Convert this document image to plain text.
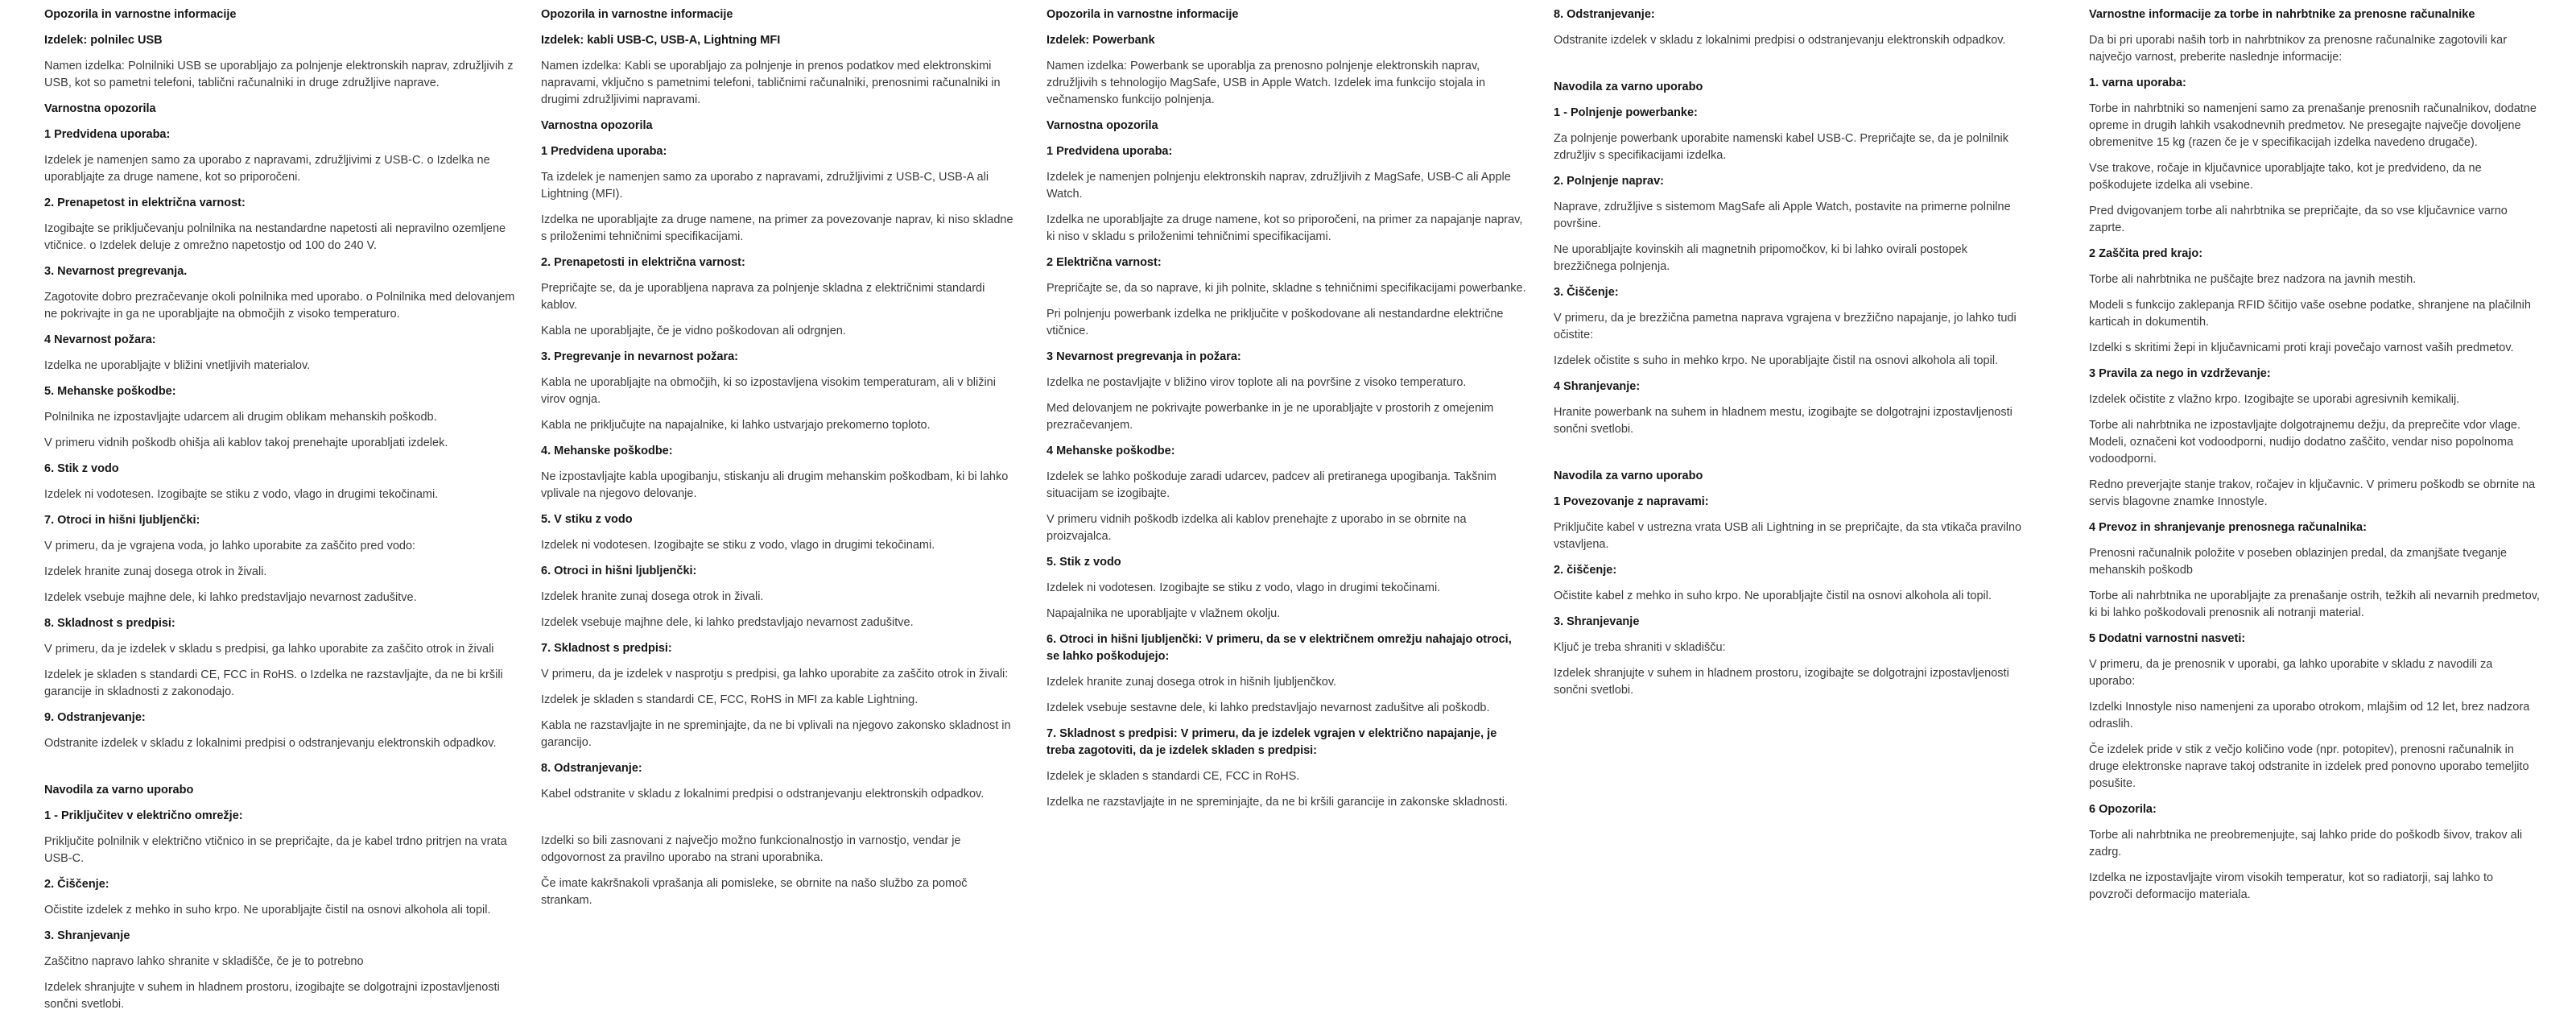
Opozorila in varnostne informacije
Izdelek: polnilec USB
Namen izdelka: Polnilniki USB se uporabljajo za polnjenje elektronskih naprav, združljivih z USB, kot so pametni telefoni, tablični računalniki in druge združljive naprave.
Varnostna opozorila
1 Predvidena uporaba:
Izdelek je namenjen samo za uporabo z napravami, združljivimi z USB-C. o Izdelka ne uporabljajte za druge namene, kot so priporočeni.
2. Prenapetost in električna varnost:
Izogibajte se priključevanju polnilnika na nestandardne napetosti ali nepravilno ozemljene vtičnice. o Izdelek deluje z omrežno napetostjo od 100 do 240 V.
3. Nevarnost pregrevanja.
Zagotovite dobro prezračevanje okoli polnilnika med uporabo. o Polnilnika med delovanjem ne pokrivajte in ga ne uporabljajte na območjih z visoko temperaturo.
4 Nevarnost požara:
Izdelka ne uporabljajte v bližini vnetljivih materialov.
5. Mehanske poškodbe:
Polnilnika ne izpostavljajte udarcem ali drugim oblikam mehanskih poškodb.
V primeru vidnih poškodb ohišja ali kablov takoj prenehajte uporabljati izdelek.
6. Stik z vodo
Izdelek ni vodotesen. Izogibajte se stiku z vodo, vlago in drugimi tekočinami.
7. Otroci in hišni ljubljenčki:
V primeru, da je vgrajena voda, jo lahko uporabite za zaščito pred vodo:
Izdelek hranite zunaj dosega otrok in živali.
Izdelek vsebuje majhne dele, ki lahko predstavljajo nevarnost zadušitve.
8. Skladnost s predpisi:
V primeru, da je izdelek v skladu s predpisi, ga lahko uporabite za zaščito otrok in živali
Izdelek je skladen s standardi CE, FCC in RoHS. o Izdelka ne razstavljajte, da ne bi kršili garancije in skladnosti z zakonodajo.
9. Odstranjevanje:
Odstranite izdelek v skladu z lokalnimi predpisi o odstranjevanju elektronskih odpadkov.
Navodila za varno uporabo
1 - Priključitev v električno omrežje:
Priključite polnilnik v električno vtičnico in se prepričajte, da je kabel trdno pritrjen na vrata USB-C.
2. Čiščenje:
Očistite izdelek z mehko in suho krpo. Ne uporabljajte čistil na osnovi alkohola ali topil.
3. Shranjevanje
Zaščitno napravo lahko shranite v skladišče, če je to potrebno
Izdelek shranjujte v suhem in hladnem prostoru, izogibajte se dolgotrajni izpostavljenosti sončni svetlobi.
Opozorila in varnostne informacije
Izdelek: kabli USB-C, USB-A, Lightning MFI
Namen izdelka: Kabli se uporabljajo za polnjenje in prenos podatkov med elektronskimi napravami, vključno s pametnimi telefoni, tabličnimi računalniki, prenosnimi računalniki in drugimi združljivimi napravami.
Varnostna opozorila
1 Predvidena uporaba:
Ta izdelek je namenjen samo za uporabo z napravami, združljivimi z USB-C, USB-A ali Lightning (MFI).
Izdelka ne uporabljajte za druge namene, na primer za povezovanje naprav, ki niso skladne s priloženimi tehničnimi specifikacijami.
2. Prenapetosti in električna varnost:
Prepričajte se, da je uporabljena naprava za polnjenje skladna z električnimi standardi kablov.
Kabla ne uporabljajte, če je vidno poškodovan ali odrgnjen.
3. Pregrevanje in nevarnost požara:
Kabla ne uporabljajte na območjih, ki so izpostavljena visokim temperaturam, ali v bližini virov ognja.
Kabla ne priključujte na napajalnike, ki lahko ustvarjajo prekomerno toploto.
4. Mehanske poškodbe:
Ne izpostavljajte kabla upogibanju, stiskanju ali drugim mehanskim poškodbam, ki bi lahko vplivale na njegovo delovanje.
5. V stiku z vodo
Izdelek ni vodotesen. Izogibajte se stiku z vodo, vlago in drugimi tekočinami.
6. Otroci in hišni ljubljenčki:
Izdelek hranite zunaj dosega otrok in živali.
Izdelek vsebuje majhne dele, ki lahko predstavljajo nevarnost zadušitve.
7. Skladnost s predpisi:
V primeru, da je izdelek v nasprotju s predpisi, ga lahko uporabite za zaščito otrok in živali:
Izdelek je skladen s standardi CE, FCC, RoHS in MFI za kable Lightning.
Kabla ne razstavljajte in ne spreminjajte, da ne bi vplivali na njegovo zakonsko skladnost in garancijo.
8. Odstranjevanje:
Kabel odstranite v skladu z lokalnimi predpisi o odstranjevanju elektronskih odpadkov.
Izdelki so bili zasnovani z največjo možno funkcionalnostjo in varnostjo, vendar je odgovornost za pravilno uporabo na strani uporabnika.
Če imate kakršnakoli vprašanja ali pomisleke, se obrnite na našo službo za pomoč strankam.
Opozorila in varnostne informacije
Izdelek: Powerbank
Namen izdelka: Powerbank se uporablja za prenosno polnjenje elektronskih naprav, združljivih s tehnologijo MagSafe, USB in Apple Watch. Izdelek ima funkcijo stojala in večnamensko funkcijo polnjenja.
Varnostna opozorila
1 Predvidena uporaba:
Izdelek je namenjen polnjenju elektronskih naprav, združljivih z MagSafe, USB-C ali Apple Watch.
Izdelka ne uporabljajte za druge namene, kot so priporočeni, na primer za napajanje naprav, ki niso v skladu s priloženimi tehničnimi specifikacijami.
2 Električna varnost:
Prepričajte se, da so naprave, ki jih polnite, skladne s tehničnimi specifikacijami powerbanke.
Pri polnjenju powerbank izdelka ne priključite v poškodovane ali nestandardne električne vtičnice.
3 Nevarnost pregrevanja in požara:
Izdelka ne postavljajte v bližino virov toplote ali na površine z visoko temperaturo.
Med delovanjem ne pokrivajte powerbanke in je ne uporabljajte v prostorih z omejenim prezračevanjem.
4 Mehanske poškodbe:
Izdelek se lahko poškoduje zaradi udarcev, padcev ali pretiranega upogibanja. Takšnim situacijam se izogibajte.
V primeru vidnih poškodb izdelka ali kablov prenehajte z uporabo in se obrnite na proizvajalca.
5. Stik z vodo
Izdelek ni vodotesen. Izogibajte se stiku z vodo, vlago in drugimi tekočinami.
Napajalnika ne uporabljajte v vlažnem okolju.
6. Otroci in hišni ljubljenčki: V primeru, da se v električnem omrežju nahajajo otroci, se lahko poškodujejo:
Izdelek hranite zunaj dosega otrok in hišnih ljubljenčkov.
Izdelek vsebuje sestavne dele, ki lahko predstavljajo nevarnost zadušitve ali poškodb.
7. Skladnost s predpisi: V primeru, da je izdelek vgrajen v električno napajanje, je treba zagotoviti, da je izdelek skladen s predpisi:
Izdelek je skladen s standardi CE, FCC in RoHS.
Izdelka ne razstavljajte in ne spreminjajte, da ne bi kršili garancije in zakonske skladnosti.
8. Odstranjevanje:
Odstranite izdelek v skladu z lokalnimi predpisi o odstranjevanju elektronskih odpadkov.
Navodila za varno uporabo
1 - Polnjenje powerbanke:
Za polnjenje powerbank uporabite namenski kabel USB-C. Prepričajte se, da je polnilnik združljiv s specifikacijami izdelka.
2. Polnjenje naprav:
Naprave, združljive s sistemom MagSafe ali Apple Watch, postavite na primerne polnilne površine.
Ne uporabljajte kovinskih ali magnetnih pripomočkov, ki bi lahko ovirali postopek brezžičnega polnjenja.
3. Čiščenje:
V primeru, da je brezžična pametna naprava vgrajena v brezžično napajanje, jo lahko tudi očistite:
Izdelek očistite s suho in mehko krpo. Ne uporabljajte čistil na osnovi alkohola ali topil.
4 Shranjevanje:
Hranite powerbank na suhem in hladnem mestu, izogibajte se dolgotrajni izpostavljenosti sončni svetlobi.
Navodila za varno uporabo
1 Povezovanje z napravami:
Priključite kabel v ustrezna vrata USB ali Lightning in se prepričajte, da sta vtikača pravilno vstavljena.
2. čiščenje:
Očistite kabel z mehko in suho krpo. Ne uporabljajte čistil na osnovi alkohola ali topil.
3. Shranjevanje
Ključ je treba shraniti v skladišču:
Izdelek shranjujte v suhem in hladnem prostoru, izogibajte se dolgotrajni izpostavljenosti sončni svetlobi.
Varnostne informacije za torbe in nahrbtnike za prenosne računalnike
Da bi pri uporabi naših torb in nahrbtnikov za prenosne računalnike zagotovili kar največjo varnost, preberite naslednje informacije:
1. varna uporaba:
Torbe in nahrbtniki so namenjeni samo za prenašanje prenosnih računalnikov, dodatne opreme in drugih lahkih vsakodnevnih predmetov. Ne presegajte največje dovoljene obremenitve 15 kg (razen če je v specifikacijah izdelka navedeno drugače).
Vse trakove, ročaje in ključavnice uporabljajte tako, kot je predvideno, da ne poškodujete izdelka ali vsebine.
Pred dvigovanjem torbe ali nahrbtnika se prepričajte, da so vse ključavnice varno zaprte.
2 Zaščita pred krajo:
Torbe ali nahrbtnika ne puščajte brez nadzora na javnih mestih.
Modeli s funkcijo zaklepanja RFID ščitijo vaše osebne podatke, shranjene na plačilnih karticah in dokumentih.
Izdelki s skritimi žepi in ključavnicami proti kraji povečajo varnost vaših predmetov.
3 Pravila za nego in vzdrževanje:
Izdelek očistite z vlažno krpo. Izogibajte se uporabi agresivnih kemikalij.
Torbe ali nahrbtnika ne izpostavljajte dolgotrajnemu dežju, da preprečite vdor vlage. Modeli, označeni kot vodoodporni, nudijo dodatno zaščito, vendar niso popolnoma vodoodporni.
Redno preverjajte stanje trakov, ročajev in ključavnic. V primeru poškodb se obrnite na servis blagovne znamke Innostyle.
4 Prevoz in shranjevanje prenosnega računalnika:
Prenosni računalnik položite v poseben oblazinjen predal, da zmanjšate tveganje mehanskih poškodb
Torbe ali nahrbtnika ne uporabljajte za prenašanje ostrih, težkih ali nevarnih predmetov, ki bi lahko poškodovali prenosnik ali notranji material.
5 Dodatni varnostni nasveti:
V primeru, da je prenosnik v uporabi, ga lahko uporabite v skladu z navodili za uporabo:
Izdelki Innostyle niso namenjeni za uporabo otrokom, mlajšim od 12 let, brez nadzora odraslih.
Če izdelek pride v stik z večjo količino vode (npr. potopitev), prenosni računalnik in druge elektronske naprave takoj odstranite in izdelek pred ponovno uporabo temeljito posušite.
6 Opozorila:
Torbe ali nahrbtnika ne preobremenjujte, saj lahko pride do poškodb šivov, trakov ali zadrg.
Izdelka ne izpostavljajte virom visokih temperatur, kot so radiatorji, saj lahko to povzroči deformacijo materiala.
